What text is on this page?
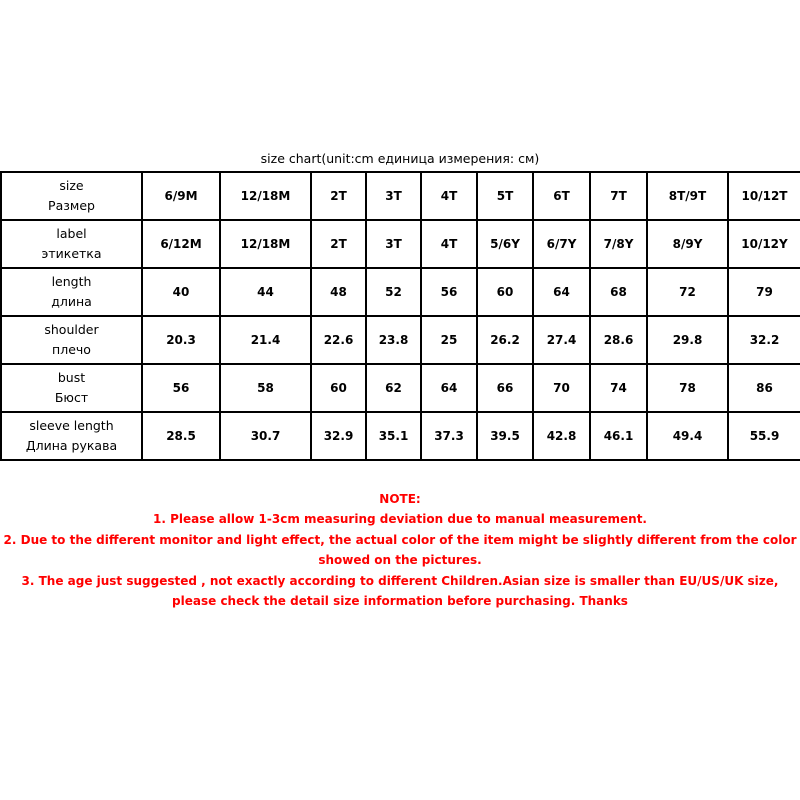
size chart(unit:cm единица измерения: см)
size
Размер	6/9M	12/18M	2T	3T	4T	5T	6T	7T	8T/9T	10/12T

label
этикетка	6/12M	12/18M	2T	3T	4T	5/6Y	6/7Y	7/8Y	8/9Y	10/12Y

length
длина	40	44	48	52	56	60	64	68	72	79

shoulder
плечо	20.3	21.4	22.6	23.8	25	26.2	27.4	28.6	29.8	32.2

bust
Бюст	56	58	60	62	64	66	70	74	78	86

sleeve length
Длина рукава	28.5	30.7	32.9	35.1	37.3	39.5	42.8	46.1	49.4	55.9
NOTE:
1. Please allow 1-3cm measuring deviation due to manual measurement.
2. Due to the different monitor and light effect, the actual color of the item might be slightly different from the color showed on the pictures.
3. The age just suggested , not exactly according to different Children.Asian size is smaller than EU/US/UK size, please check the detail size information before purchasing. Thanks
